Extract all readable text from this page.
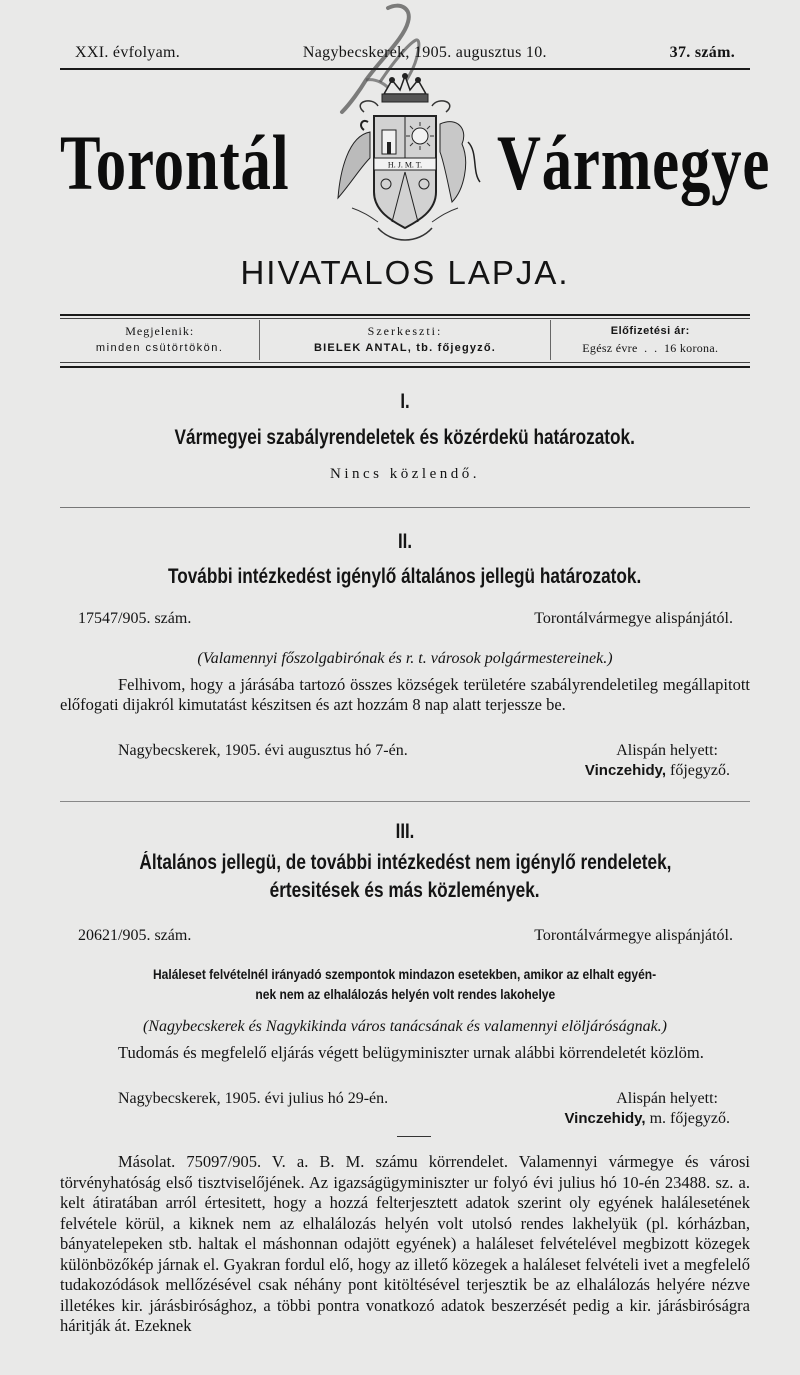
XXI. évfolyam.	Nagybecskerek, 1905. augusztus 10.	37. szám.
Torontál	H. J. M. T. Vármegye
HIVATALOS LAPJA.
Megjelenik:
minden csütörtökön.
Szerkeszti:
BIELEK ANTAL, tb. főjegyző.
Előfizetési ár:
Egész évre  .  .  16 korona.
I.
Vármegyei szabályrendeletek és közérdekü határozatok.
Nincs közlendő.
II.
További intézkedést igénylő általános jellegü határozatok.
17547/905. szám.	Torontálvármegye alispánjától.
(Valamennyi főszolgabirónak és r. t. városok polgármestereinek.)
Felhivom, hogy a járásába tartozó összes községek területére szabályrendeletileg megállapitott előfogati dijakról kimutatást készitsen és azt hozzám 8 nap alatt terjessze be.
Nagybecskerek, 1905. évi augusztus hó 7-én.	Alispán helyett:
Vinczehidy, főjegyző.
III.
Általános jellegü, de további intézkedést nem igénylő rendeletek,
értesitések és más közlemények.
20621/905. szám.	Torontálvármegye alispánjától.
Haláleset felvételnél irányadó szempontok mindazon esetekben, amikor az elhalt egyén-
nek nem az elhalálozás helyén volt rendes lakohelye
(Nagybecskerek és Nagykikinda város tanácsának és valamennyi elöljáróságnak.)
Tudomás és megfelelő eljárás végett belügyminiszter urnak alábbi körrendeletét közlöm.
Nagybecskerek, 1905. évi julius hó 29-én.	Alispán helyett:
Vinczehidy, m. főjegyző.
Másolat. 75097/905. V. a. B. M. számu körrendelet. Valamennyi vármegye és városi törvényhatóság első tisztviselőjének. Az igazságügyminiszter ur folyó évi julius hó 10-én 23488. sz. a. kelt átiratában arról értesitett, hogy a hozzá felterjesztett adatok szerint oly egyének halálesetének felvétele körül, a kiknek nem az elhalálozás helyén volt utolsó rendes lakhelyük (pl. kórházban, bányatelepeken stb. haltak el máshonnan odajött egyének) a haláleset felvételével megbizott közegek különbözőkép járnak el. Gyakran fordul elő, hogy az illető közegek a haláleset felvételi ivet a megfelelő tudakozódások mellőzésével csak néhány pont kitöltésével terjesztik be az elhalálozás helyére nézve illetékes kir. járásbirósághoz, a többi pontra vonatkozó adatok beszerzését pedig a kir. járásbiróságra háritják át. Ezeknek
